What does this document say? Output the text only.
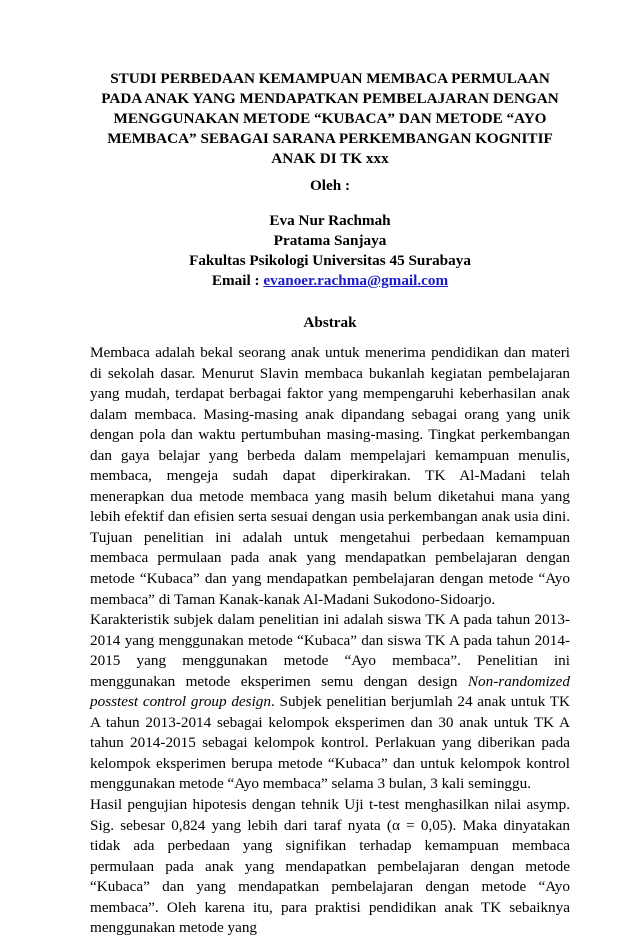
STUDI PERBEDAAN KEMAMPUAN MEMBACA PERMULAAN PADA ANAK YANG MENDAPATKAN PEMBELAJARAN DENGAN MENGGUNAKAN METODE “KUBACA” DAN METODE “AYO MEMBACA” SEBAGAI SARANA PERKEMBANGAN KOGNITIF ANAK DI TK xxx
Oleh :
Eva Nur Rachmah
Pratama Sanjaya
Fakultas Psikologi Universitas 45 Surabaya
Email : evanoer.rachma@gmail.com
Abstrak

Membaca adalah bekal seorang anak untuk menerima pendidikan dan materi di sekolah dasar. Menurut Slavin membaca bukanlah kegiatan pembelajaran yang mudah, terdapat berbagai faktor yang mempengaruhi keberhasilan anak dalam membaca. Masing-masing anak dipandang sebagai orang yang unik dengan pola dan waktu pertumbuhan masing-masing. Tingkat perkembangan dan gaya belajar yang berbeda dalam mempelajari kemampuan menulis, membaca, mengeja sudah dapat diperkirakan. TK Al-Madani telah menerapkan dua metode membaca yang masih belum diketahui mana yang lebih efektif dan efisien serta sesuai dengan usia perkembangan anak usia dini. Tujuan penelitian ini adalah untuk mengetahui perbedaan kemampuan membaca permulaan pada anak yang mendapatkan pembelajaran dengan metode “Kubaca” dan yang mendapatkan pembelajaran dengan metode “Ayo membaca” di Taman Kanak-kanak Al-Madani Sukodono-Sidoarjo.

Karakteristik subjek dalam penelitian ini adalah siswa TK A pada tahun 2013-2014 yang menggunakan metode “Kubaca” dan siswa TK A pada tahun 2014-2015 yang menggunakan metode “Ayo membaca”. Penelitian ini menggunakan metode eksperimen semu dengan design Non-randomized posstest control group design. Subjek penelitian berjumlah 24 anak untuk TK A tahun 2013-2014 sebagai kelompok eksperimen dan 30 anak untuk TK A tahun 2014-2015 sebagai kelompok kontrol. Perlakuan yang diberikan pada kelompok eksperimen berupa metode “Kubaca” dan untuk kelompok kontrol menggunakan metode “Ayo membaca” selama 3 bulan, 3 kali seminggu.

Hasil pengujian hipotesis dengan tehnik Uji t-test menghasilkan nilai asymp. Sig. sebesar 0,824 yang lebih dari taraf nyata (α = 0,05). Maka dinyatakan tidak ada perbedaan yang signifikan terhadap kemampuan membaca permulaan pada anak yang mendapatkan pembelajaran dengan metode “Kubaca” dan yang mendapatkan pembelajaran dengan metode “Ayo membaca”. Oleh karena itu, para praktisi pendidikan anak TK sebaiknya menggunakan metode yang
